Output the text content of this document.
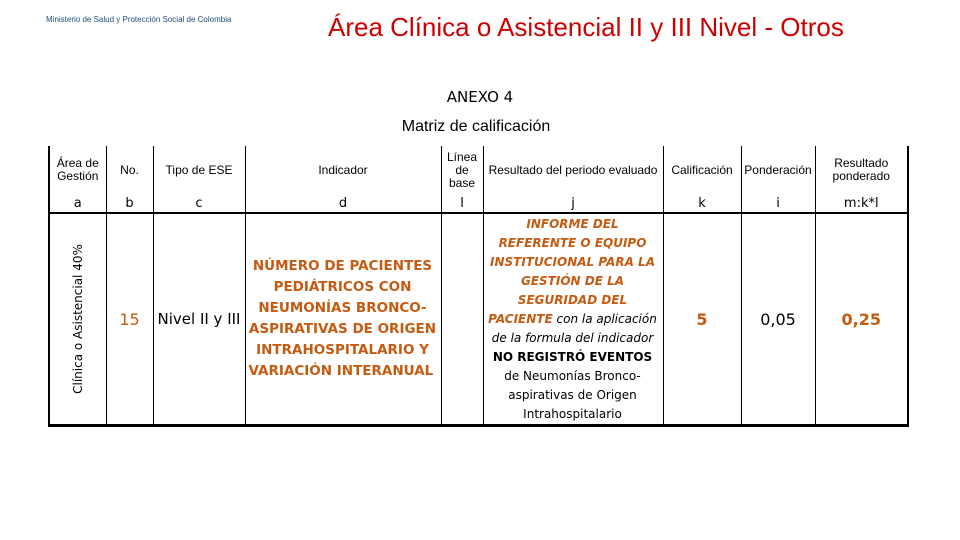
Ministerio de Salud y Protección Social de Colombia	Área Clínica o Asistencial II y III Nivel - Otros
ANEXO 4
Matriz de calificación
Área de Gestión	No.	Tipo de ESE	Indicador	Línea de base	Resultado del periodo evaluado	Calificación	Ponderación	Resultado ponderado
a	b	c	d	l	j	k	i	m:k*l

Clínica o Asistencial 40%	15	Nivel II y III	NÚMERO DE PACIENTES PEDIÁTRICOS CON NEUMONÍAS BRONCO-ASPIRATIVAS DE ORIGEN INTRAHOSPITALARIO Y VARIACIÓN INTERANUAL		INFORME DEL REFERENTE O EQUIPO INSTITUCIONAL PARA LA GESTIÓN DE LA SEGURIDAD DEL PACIENTE con la aplicación de la formula del indicador NO REGISTRÓ EVENTOS de Neumonías Bronco-aspirativas de Origen Intrahospitalario	5	0,05	0,25
